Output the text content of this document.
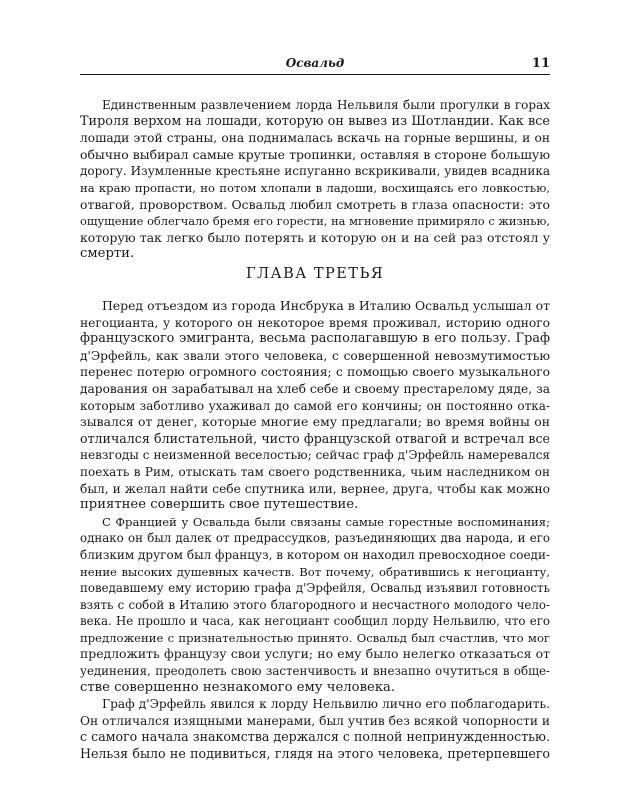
Освальд	11

Единственным развлечением лорда Нельвиля были прогулки в горах
Тироля верхом на лошади, которую он вывез из Шотландии. Как все
лошади этой страны, она поднималась вскачь на горные вершины, и он
обычно выбирал самые крутые тропинки, оставляя в стороне большую
дорогу. Изумленные крестьяне испуганно вскрикивали, увидев всадника
на краю пропасти, но потом хлопали в ладоши, восхищаясь его ловкостью,
отвагой, проворством. Освальд любил смотреть в глаза опасности: это
ощущение облегчало бремя его горести, на мгновение примиряло с жизнью,
которую так легко было потерять и которую он и на сей раз отстоял у
смерти.

ГЛАВА ТРЕТЬЯ

Перед отъездом из города Инсбрука в Италию Освальд услышал от
негоцианта, у которого он некоторое время проживал, историю одного
французского эмигранта, весьма располагавшую в его пользу. Граф
д'Эрфейль, как звали этого человека, с совершенной невозмутимостью
перенес потерю огромного состояния; с помощью своего музыкального
дарования он зарабатывал на хлеб себе и своему престарелому дяде, за
которым заботливо ухаживал до самой его кончины; он постоянно отка-
зывался от денег, которые многие ему предлагали; во время войны он
отличался блистательной, чисто французской отвагой и встречал все
невзгоды с неизменной веселостью; сейчас граф д'Эрфейль намеревался
поехать в Рим, отыскать там своего родственника, чьим наследником он
был, и желал найти себе спутника или, вернее, друга, чтобы как можно
приятнее совершить свое путешествие.

С Францией у Освальда были связаны самые горестные воспоминания;
однако он был далек от предрассудков, разъединяющих два народа, и его
близким другом был француз, в котором он находил превосходное соеди-
нение высоких душевных качеств. Вот почему, обратившись к негоцианту,
поведавшему ему историю графа д'Эрфейля, Освальд изъявил готовность
взять с собой в Италию этого благородного и несчастного молодого чело-
века. Не прошло и часа, как негоциант сообщил лорду Нельвилю, что его
предложение с признательностью принято. Освальд был счастлив, что мог
предложить французу свои услуги; но ему было нелегко отказаться от
уединения, преодолеть свою застенчивость и внезапно очутиться в обще-
стве совершенно незнакомого ему человека.

Граф д'Эрфейль явился к лорду Нельвилю лично его поблагодарить.
Он отличался изящными манерами, был учтив без всякой чопорности и
с самого начала знакомства держался с полной непринужденностью.
Нельзя было не подивиться, глядя на этого человека, претерпевшего
